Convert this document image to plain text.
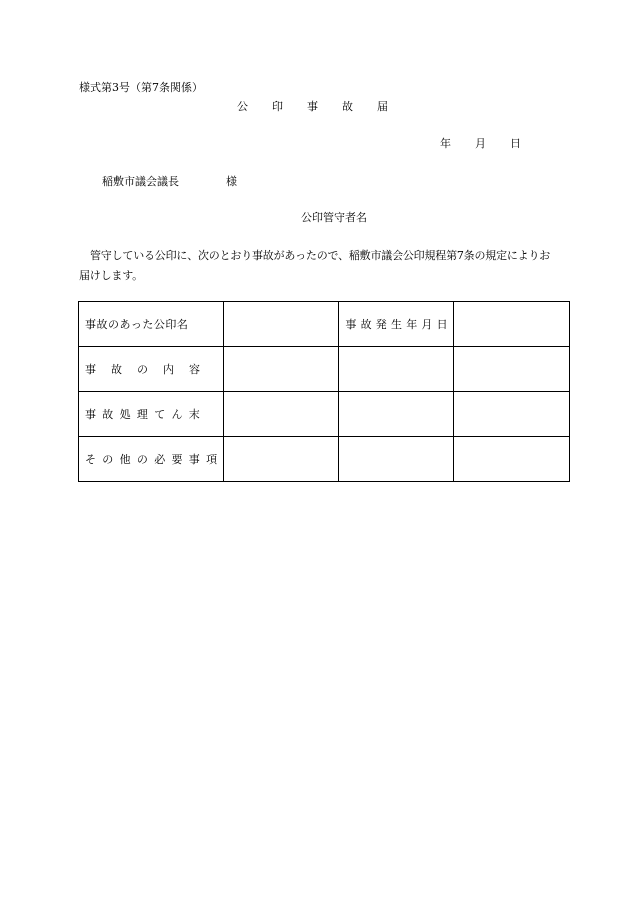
様式第3号（第7条関係）
公 印 事 故 届
年 月 日
稲敷市議会議長	様
公印管守者名
管守している公印に、次のとおり事故があったので、稲敷市議会公印規程第7条の規定によりお届けします。
事故のあった公印名		事故発生年月日	

事故の内容			

事故処理てん末			

その他の必要事項			
